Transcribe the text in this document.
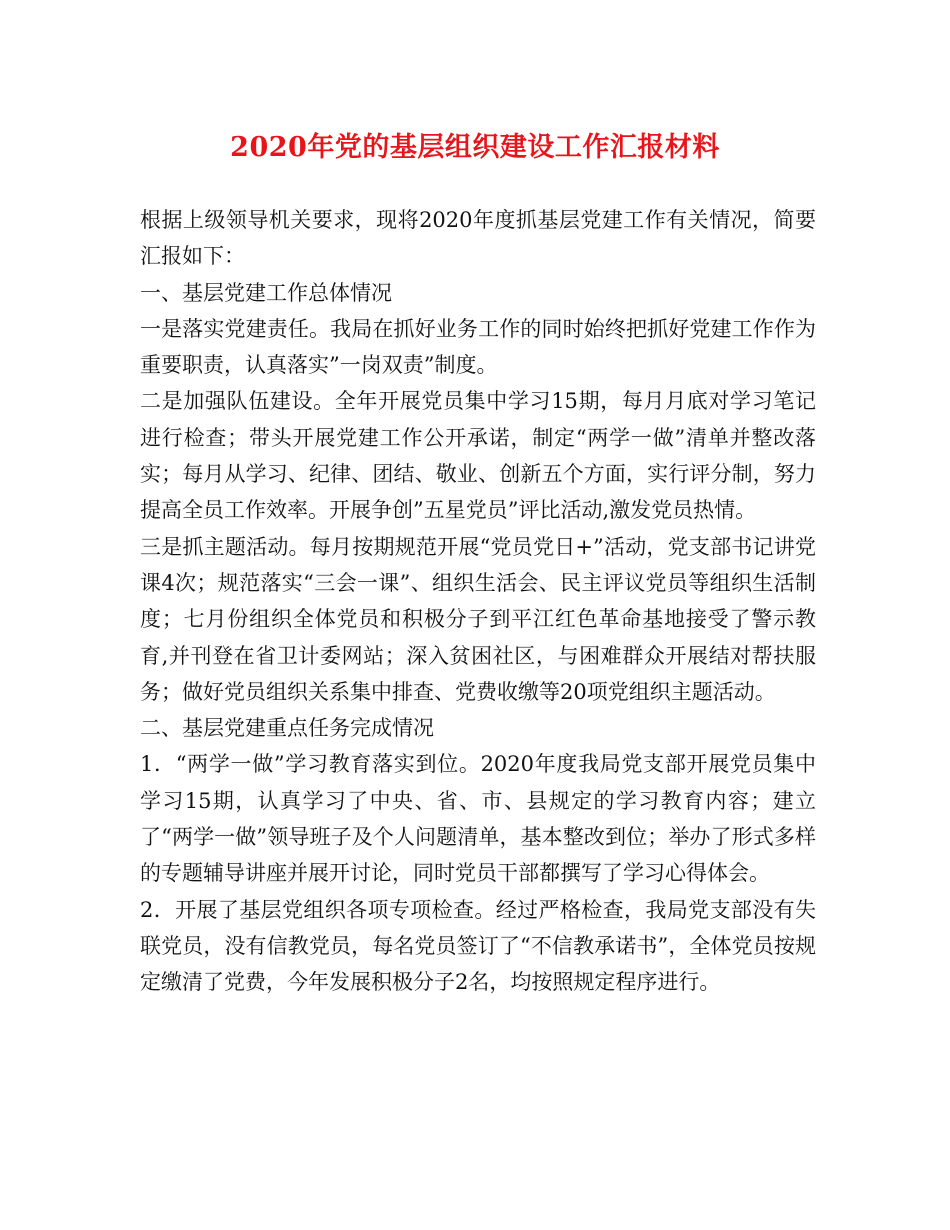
2020年党的基层组织建设工作汇报材料

根据上级领导机关要求，现将2020年度抓基层党建工作有关情况，简要汇报如下：

一、基层党建工作总体情况

一是落实党建责任。我局在抓好业务工作的同时始终把抓好党建工作作为重要职责，认真落实”一岗双责”制度。

二是加强队伍建设。全年开展党员集中学习15期，每月月底对学习笔记进行检查；带头开展党建工作公开承诺，制定“两学一做”清单并整改落实；每月从学习、纪律、团结、敬业、创新五个方面，实行评分制，努力提高全员工作效率。开展争创”五星党员”评比活动,激发党员热情。

三是抓主题活动。每月按期规范开展“党员党日+”活动，党支部书记讲党课4次；规范落实“三会一课”、组织生活会、民主评议党员等组织生活制度；七月份组织全体党员和积极分子到平江红色革命基地接受了警示教育,并刊登在省卫计委网站；深入贫困社区，与困难群众开展结对帮扶服务；做好党员组织关系集中排查、党费收缴等20项党组织主题活动。

二、基层党建重点任务完成情况

1．“两学一做”学习教育落实到位。2020年度我局党支部开展党员集中学习15期，认真学习了中央、省、市、县规定的学习教育内容；建立了“两学一做”领导班子及个人问题清单，基本整改到位；举办了形式多样的专题辅导讲座并展开讨论，同时党员干部都撰写了学习心得体会。

2．开展了基层党组织各项专项检查。经过严格检查，我局党支部没有失联党员，没有信教党员，每名党员签订了“不信教承诺书”，全体党员按规定缴清了党费，今年发展积极分子2名，均按照规定程序进行。
